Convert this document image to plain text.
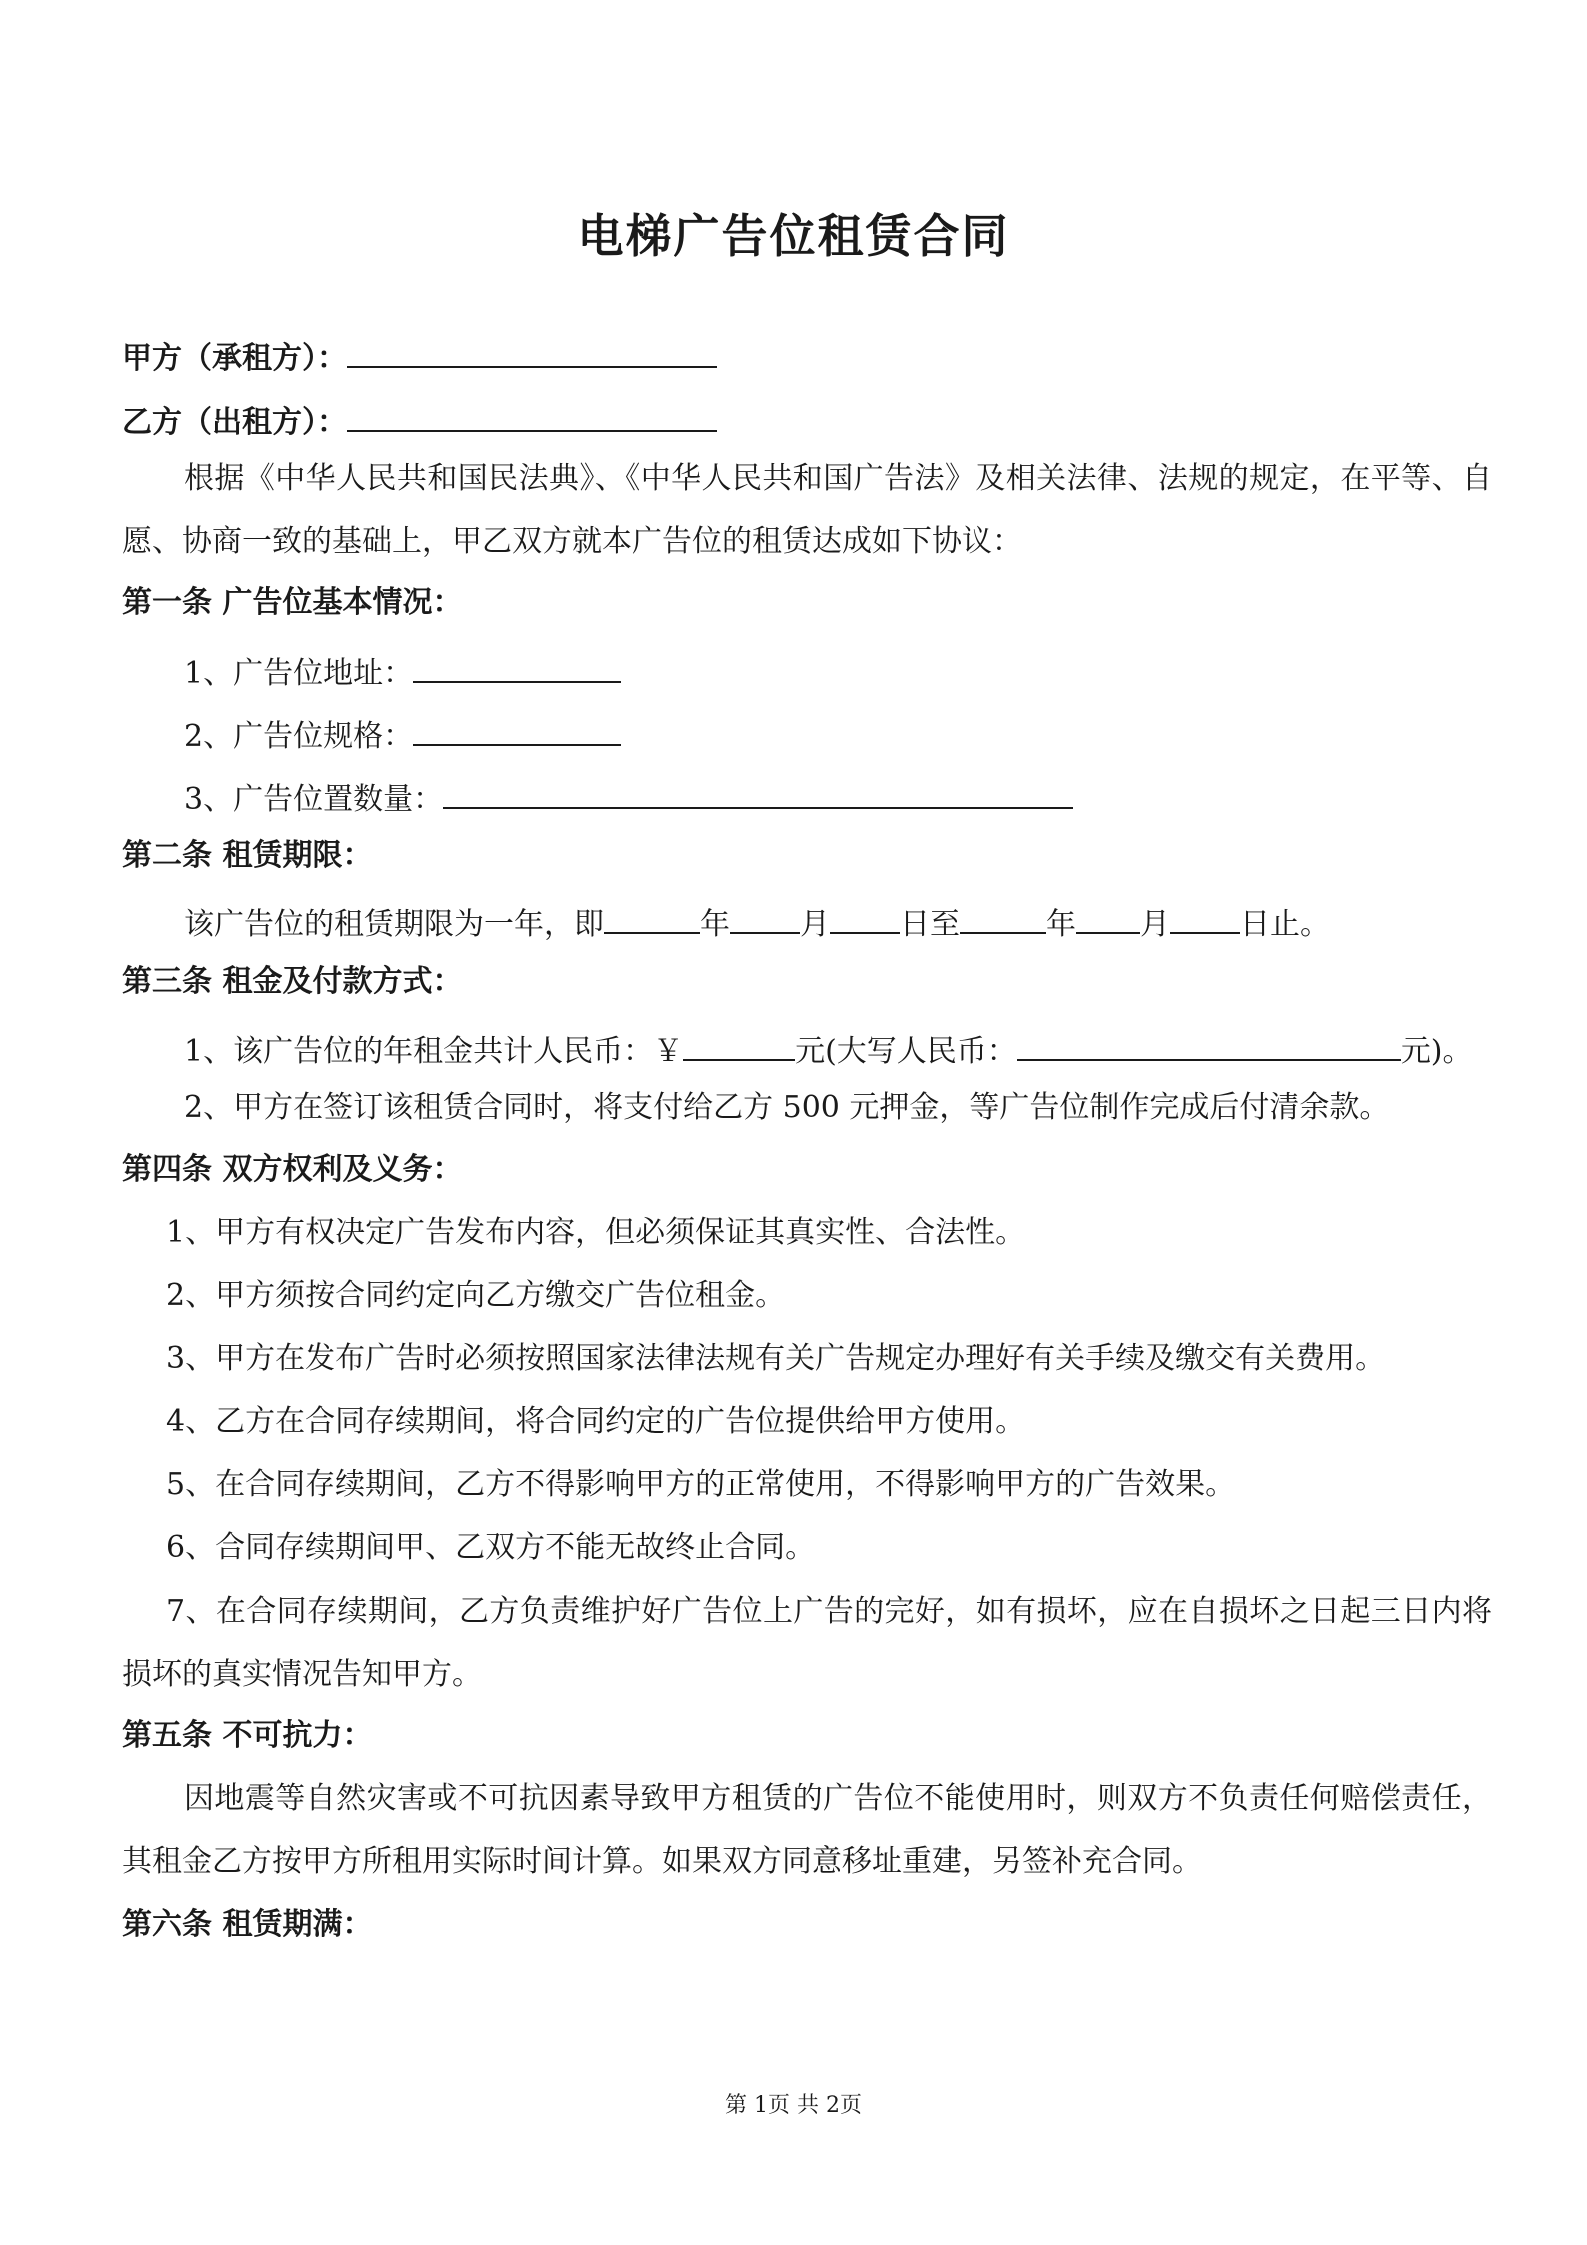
电梯广告位租赁合同
甲方（承租方）：
乙方（出租方）：
根据《中华人民共和国民法典》、《中华人民共和国广告法》及相关法律、法规的规定，在平等、自愿、协商一致的基础上，甲乙双方就本广告位的租赁达成如下协议：
第一条 广告位基本情况：
1、广告位地址：
2、广告位规格：
3、广告位置数量：
第二条 租赁期限：
该广告位的租赁期限为一年，即	年 月 日至	年 月 日止。
第三条 租金及付款方式：
1、该广告位的年租金共计人民币：￥	元(大写人民币：	元)。
2、甲方在签订该租赁合同时，将支付给乙方 500 元押金，等广告位制作完成后付清余款。
第四条 双方权利及义务：
1、甲方有权决定广告发布内容，但必须保证其真实性、合法性。
2、甲方须按合同约定向乙方缴交广告位租金。
3、甲方在发布广告时必须按照国家法律法规有关广告规定办理好有关手续及缴交有关费用。
4、乙方在合同存续期间，将合同约定的广告位提供给甲方使用。
5、在合同存续期间，乙方不得影响甲方的正常使用，不得影响甲方的广告效果。
6、合同存续期间甲、乙双方不能无故终止合同。
7、在合同存续期间，乙方负责维护好广告位上广告的完好，如有损坏，应在自损坏之日起三日内将损坏的真实情况告知甲方。
第五条 不可抗力：
因地震等自然灾害或不可抗因素导致甲方租赁的广告位不能使用时，则双方不负责任何赔偿责任，其租金乙方按甲方所租用实际时间计算。如果双方同意移址重建，另签补充合同。
第六条 租赁期满：
第 1页 共 2页
